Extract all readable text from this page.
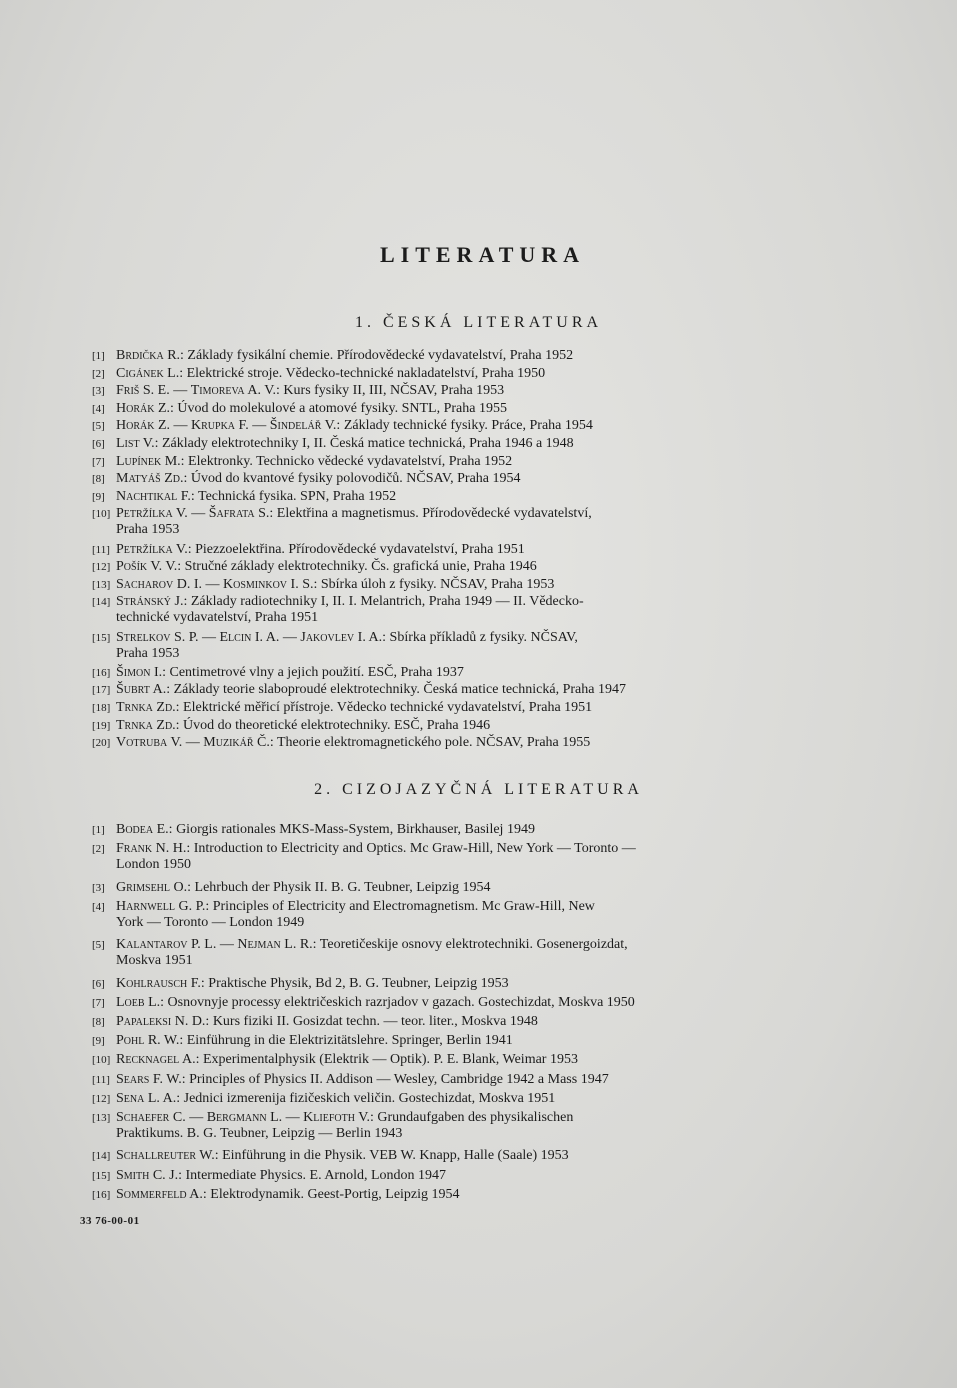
LITERATURA
1. ČESKÁ LITERATURA
[1] Brdička R.: Základy fysikální chemie. Přírodovědecké vydavatelství, Praha 1952
[2] Cigánek L.: Elektrické stroje. Vědecko-technické nakladatelství, Praha 1950
[3] Friš S. E. — Timoreva A. V.: Kurs fysiky II, III, NČSAV, Praha 1953
[4] Horák Z.: Úvod do molekulové a atomové fysiky. SNTL, Praha 1955
[5] Horák Z. — Krupka F. — Šindelář V.: Základy technické fysiky. Práce, Praha 1954
[6] List V.: Základy elektrotechniky I, II. Česká matice technická, Praha 1946 a 1948
[7] Lupínek M.: Elektronky. Technicko vědecké vydavatelství, Praha 1952
[8] Matyáš Zd.: Úvod do kvantové fysiky polovodičů. NČSAV, Praha 1954
[9] Nachtikal F.: Technická fysika. SPN, Praha 1952
[10] Petržílka V. — Šafrata S.: Elektřina a magnetismus. Přírodovědecké vydavatelství,
Praha 1953
[11] Petržílka V.: Piezzoelektřina. Přírodovědecké vydavatelství, Praha 1951
[12] Pošík V. V.: Stručné základy elektrotechniky. Čs. grafická unie, Praha 1946
[13] Sacharov D. I. — Kosminkov I. S.: Sbírka úloh z fysiky. NČSAV, Praha 1953
[14] Stránský J.: Základy radiotechniky I, II. I. Melantrich, Praha 1949 — II. Vědecko-
technické vydavatelství, Praha 1951
[15] Strelkov S. P. — Elcin I. A. — Jakovlev I. A.: Sbírka příkladů z fysiky. NČSAV,
Praha 1953
[16] Šimon I.: Centimetrové vlny a jejich použití. ESČ, Praha 1937
[17] Šubrt A.: Základy teorie slaboproudé elektrotechniky. Česká matice technická, Praha 1947
[18] Trnka Zd.: Elektrické měřicí přístroje. Vědecko technické vydavatelství, Praha 1951
[19] Trnka Zd.: Úvod do theoretické elektrotechniky. ESČ, Praha 1946
[20] Votruba V. — Muzikář Č.: Theorie elektromagnetického pole. NČSAV, Praha 1955
2. CIZOJAZYČNÁ LITERATURA
[1] Bodea E.: Giorgis rationales MKS-Mass-System, Birkhauser, Basilej 1949
[2] Frank N. H.: Introduction to Electricity and Optics. Mc Graw-Hill, New York — Toronto —
London 1950
[3] Grimsehl O.: Lehrbuch der Physik II. B. G. Teubner, Leipzig 1954
[4] Harnwell G. P.: Principles of Electricity and Electromagnetism. Mc Graw-Hill, New
York — Toronto — London 1949
[5] Kalantarov P. L. — Nejman L. R.: Teoretičeskije osnovy elektrotechniki. Gosenergoizdat,
Moskva 1951
[6] Kohlrausch F.: Praktische Physik, Bd 2, B. G. Teubner, Leipzig 1953
[7] Loeb L.: Osnovnyje processy električeskich razrjadov v gazach. Gostechizdat, Moskva 1950
[8] Papaleksi N. D.: Kurs fiziki II. Gosizdat techn. — teor. liter., Moskva 1948
[9] Pohl R. W.: Einführung in die Elektrizitätslehre. Springer, Berlin 1941
[10] Recknagel A.: Experimentalphysik (Elektrik — Optik). P. E. Blank, Weimar 1953
[11] Sears F. W.: Principles of Physics II. Addison — Wesley, Cambridge 1942 a Mass 1947
[12] Sena L. A.: Jednici izmerenija fizičeskich veličin. Gostechizdat, Moskva 1951
[13] Schaefer C. — Bergmann L. — Kliefoth V.: Grundaufgaben des physikalischen
Praktikums. B. G. Teubner, Leipzig — Berlin 1943
[14] Schallreuter W.: Einführung in die Physik. VEB W. Knapp, Halle (Saale) 1953
[15] Smith C. J.: Intermediate Physics. E. Arnold, London 1947
[16] Sommerfeld A.: Elektrodynamik. Geest-Portig, Leipzig 1954
33 76-00-01
